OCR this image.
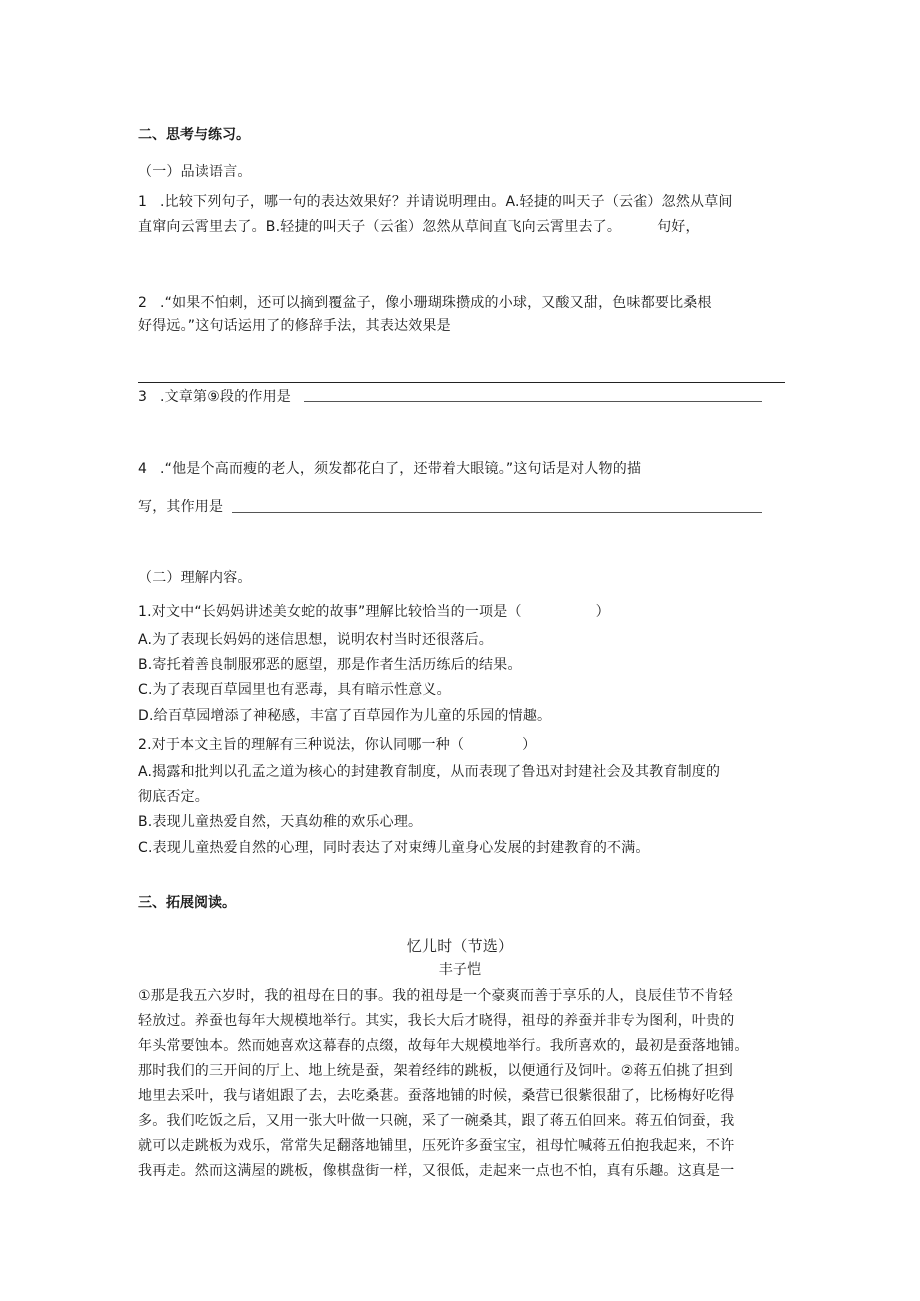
二、思考与练习。
（一）品读语言。
1 .比较下列句子，哪一句的表达效果好？并请说明理由。A.轻捷的叫天子（云雀）忽然从草间
直窜向云霄里去了。B.轻捷的叫天子（云雀）忽然从草间直飞向云霄里去了。	句好，
2 .“如果不怕刺，还可以摘到覆盆子，像小珊瑚珠攒成的小球，又酸又甜，色味都要比桑根
好得远。”这句话运用了的修辞手法，其表达效果是
3 .文章第⑨段的作用是
4 .“他是个高而瘦的老人，须发都花白了，还带着大眼镜。”这句话是对人物的描
写，其作用是
（二）理解内容。
1.对文中“长妈妈讲述美女蛇的故事”理解比较恰当的一项是（	）
A.为了表现长妈妈的迷信思想，说明农村当时还很落后。
B.寄托着善良制服邪恶的愿望，那是作者生活历练后的结果。
C.为了表现百草园里也有恶毒，具有暗示性意义。
D.给百草园增添了神秘感，丰富了百草园作为儿童的乐园的情趣。
2.对于本文主旨的理解有三种说法，你认同哪一种（	）
A.揭露和批判以孔孟之道为核心的封建教育制度，从而表现了鲁迅对封建社会及其教育制度的
彻底否定。
B.表现儿童热爱自然，天真幼稚的欢乐心理。
C.表现儿童热爱自然的心理，同时表达了对束缚儿童身心发展的封建教育的不满。
三、拓展阅读。
忆儿时（节选）
丰子恺
①那是我五六岁时，我的祖母在日的事。我的祖母是一个豪爽而善于享乐的人，良辰佳节不肯轻
轻放过。养蚕也每年大规模地举行。其实，我长大后才晓得，祖母的养蚕并非专为图利，叶贵的
年头常要蚀本。然而她喜欢这幕春的点缀，故每年大规模地举行。我所喜欢的，最初是蚕落地铺。
那时我们的三开间的厅上、地上统是蚕，架着经纬的跳板，以便通行及饲叶。②蒋五伯挑了担到
地里去采叶，我与诸姐跟了去，去吃桑葚。蚕落地铺的时候，桑营已很紫很甜了，比杨梅好吃得
多。我们吃饭之后，又用一张大叶做一只碗，采了一碗桑其，跟了蒋五伯回来。蒋五伯饲蚕，我
就可以走跳板为戏乐，常常失足翻落地铺里，压死许多蚕宝宝，祖母忙喊蒋五伯抱我起来，不许
我再走。然而这满屋的跳板，像棋盘街一样，又很低，走起来一点也不怕，真有乐趣。这真是一
